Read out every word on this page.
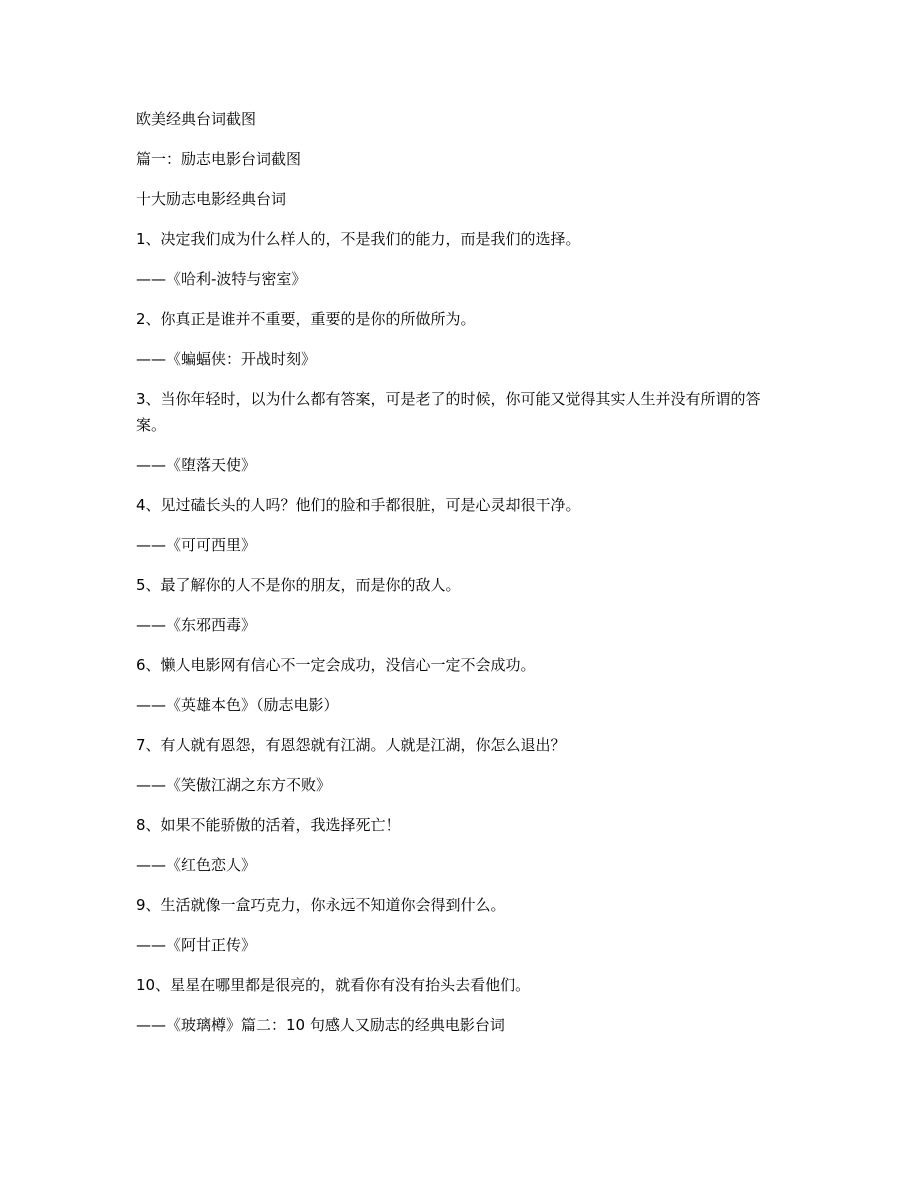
欧美经典台词截图

篇一：励志电影台词截图

十大励志电影经典台词

1、决定我们成为什么样人的，不是我们的能力，而是我们的选择。

——《哈利-波特与密室》

2、你真正是谁并不重要，重要的是你的所做所为。

——《蝙蝠侠：开战时刻》

3、当你年轻时，以为什么都有答案，可是老了的时候，你可能又觉得其实人生并没有所谓的答案。

——《堕落天使》

4、见过磕长头的人吗？他们的脸和手都很脏，可是心灵却很干净。

——《可可西里》

5、最了解你的人不是你的朋友，而是你的敌人。

——《东邪西毒》

6、懒人电影网有信心不一定会成功，没信心一定不会成功。

——《英雄本色》（励志电影）

7、有人就有恩怨，有恩怨就有江湖。人就是江湖，你怎么退出？

——《笑傲江湖之东方不败》

8、如果不能骄傲的活着，我选择死亡！

——《红色恋人》

9、生活就像一盒巧克力，你永远不知道你会得到什么。

——《阿甘正传》

10、星星在哪里都是很亮的，就看你有没有抬头去看他们。

——《玻璃樽》篇二：10 句感人又励志的经典电影台词
